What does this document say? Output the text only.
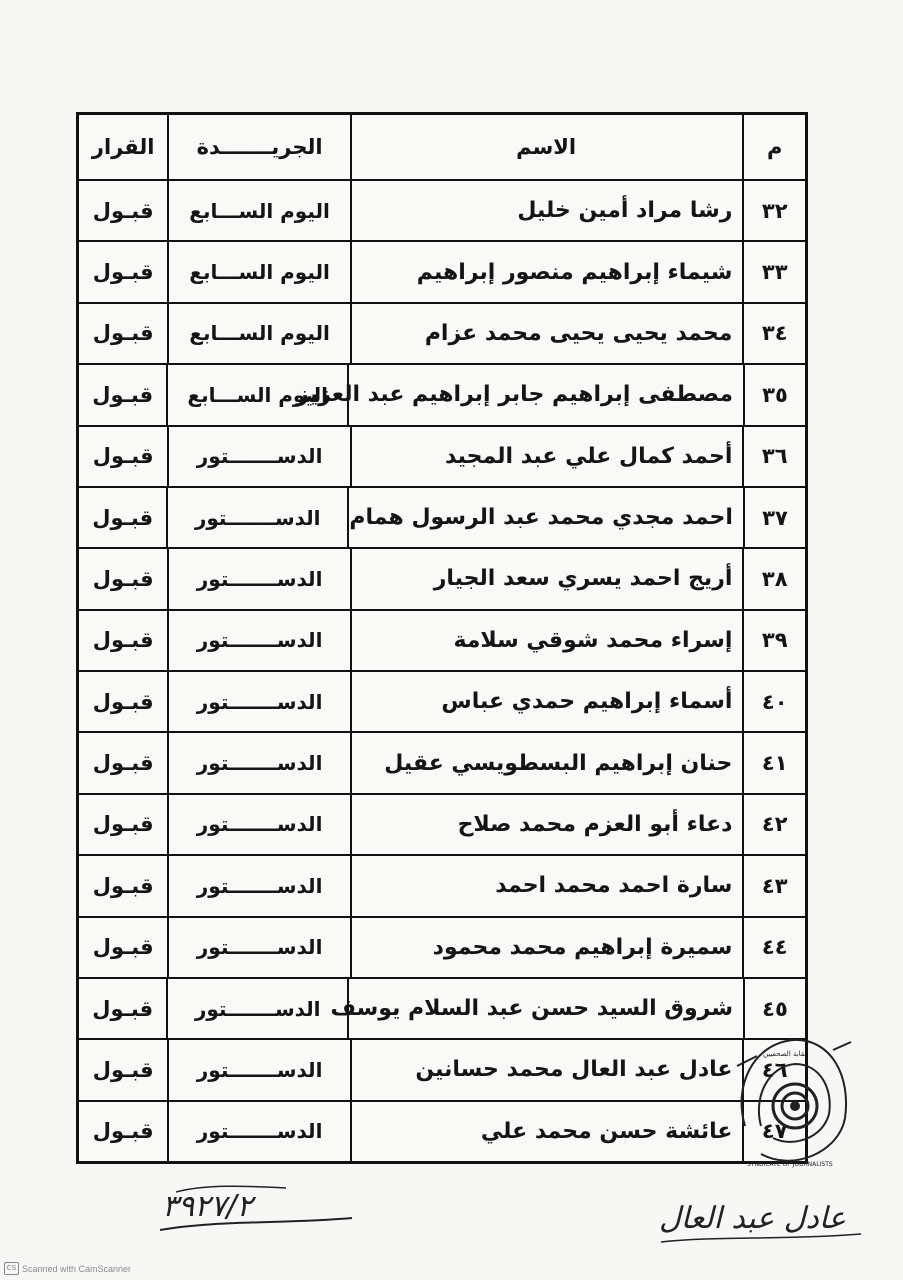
م
الاسم
الجريـــــــدة
القرار
٣٢
رشا مراد أمين خليل
اليوم الســـابع
قبـول
٣٣
شيماء إبراهيم منصور إبراهيم
اليوم الســـابع
قبـول
٣٤
محمد يحيى يحيى محمد عزام
اليوم الســـابع
قبـول
٣٥
مصطفى إبراهيم جابر إبراهيم عبد العزيز
اليوم الســـابع
قبـول
٣٦
أحمد كمال علي عبد المجيد
الدســـــــتور
قبـول
٣٧
احمد مجدي محمد عبد الرسول همام
الدســـــــتور
قبـول
٣٨
أريج احمد يسري سعد الجيار
الدســـــــتور
قبـول
٣٩
إسراء محمد شوقي سلامة
الدســـــــتور
قبـول
٤٠
أسماء إبراهيم حمدي عباس
الدســـــــتور
قبـول
٤١
حنان إبراهيم البسطويسي عقيل
الدســـــــتور
قبـول
٤٢
دعاء أبو العزم محمد صلاح
الدســـــــتور
قبـول
٤٣
سارة احمد محمد احمد
الدســـــــتور
قبـول
٤٤
سميرة إبراهيم محمد محمود
الدســـــــتور
قبـول
٤٥
شروق السيد حسن عبد السلام يوسف
الدســـــــتور
قبـول
٤٦
عادل عبد العال محمد حسانين
الدســـــــتور
قبـول
٤٧
عائشة حسن محمد علي
الدســـــــتور
قبـول
نقابة الصحفيين
SYNDICATE OF JOURNALISTS
٣٩٢٧/٢	عادل عبد العال
CS Scanned with CamScanner
